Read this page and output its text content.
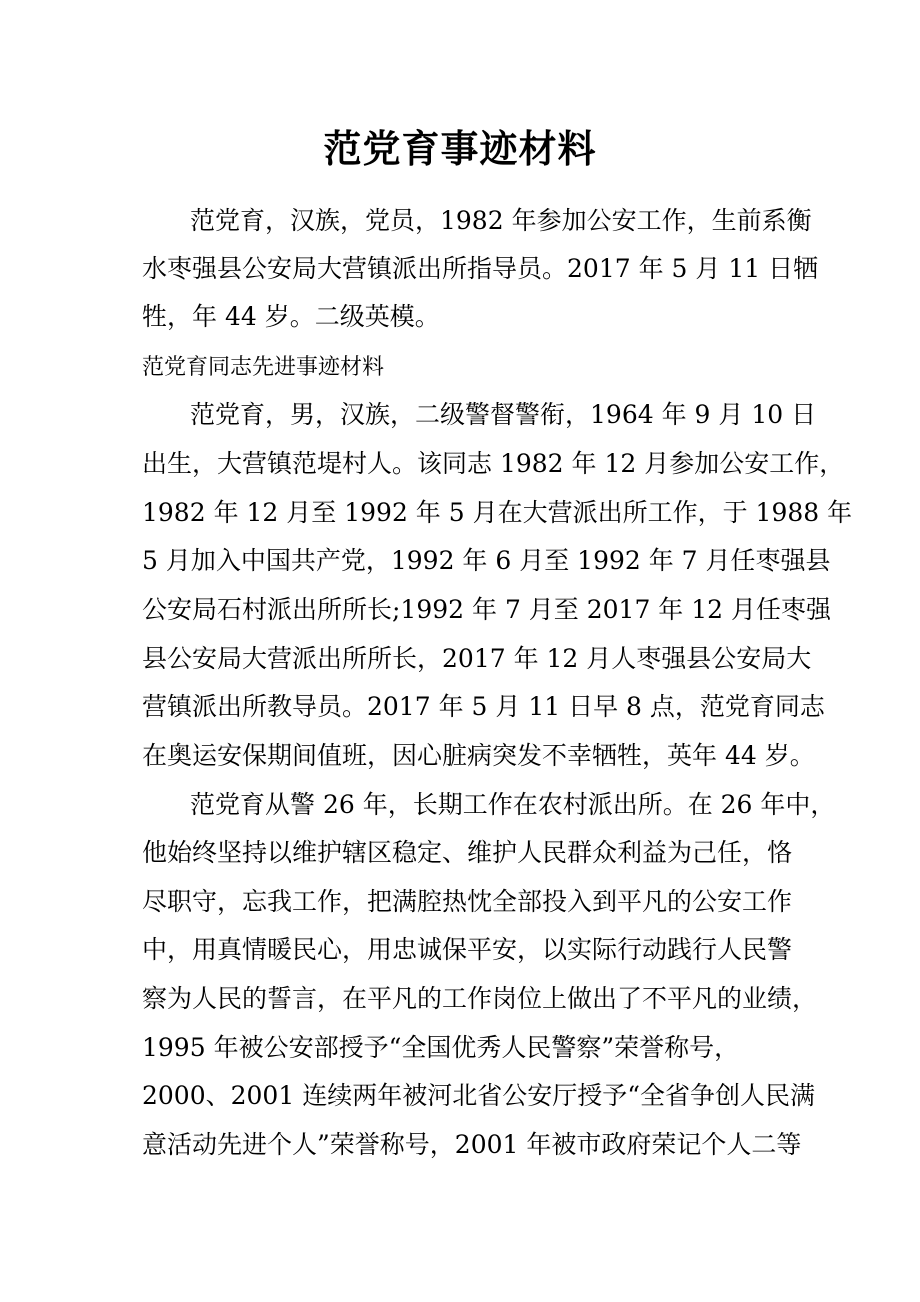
范党育事迹材料
范党育，汉族，党员，1982 年参加公安工作，生前系衡
水枣强县公安局大营镇派出所指导员。2017 年 5 月 11 日牺
牲，年 44 岁。二级英模。
范党育同志先进事迹材料
范党育，男，汉族，二级警督警衔，1964 年 9 月 10 日
出生，大营镇范堤村人。该同志 1982 年 12 月参加公安工作，
1982 年 12 月至 1992 年 5 月在大营派出所工作，于 1988 年
5 月加入中国共产党，1992 年 6 月至 1992 年 7 月任枣强县
公安局石村派出所所长;1992 年 7 月至 2017 年 12 月任枣强
县公安局大营派出所所长，2017 年 12 月人枣强县公安局大
营镇派出所教导员。2017 年 5 月 11 日早 8 点，范党育同志
在奥运安保期间值班，因心脏病突发不幸牺牲，英年 44 岁。
范党育从警 26 年，长期工作在农村派出所。在 26 年中，
他始终坚持以维护辖区稳定、维护人民群众利益为己任，恪
尽职守，忘我工作，把满腔热忱全部投入到平凡的公安工作
中，用真情暖民心，用忠诚保平安，以实际行动践行人民警
察为人民的誓言，在平凡的工作岗位上做出了不平凡的业绩，
1995 年被公安部授予“全国优秀人民警察”荣誉称号，
2000、2001 连续两年被河北省公安厅授予“全省争创人民满
意活动先进个人”荣誉称号，2001 年被市政府荣记个人二等
